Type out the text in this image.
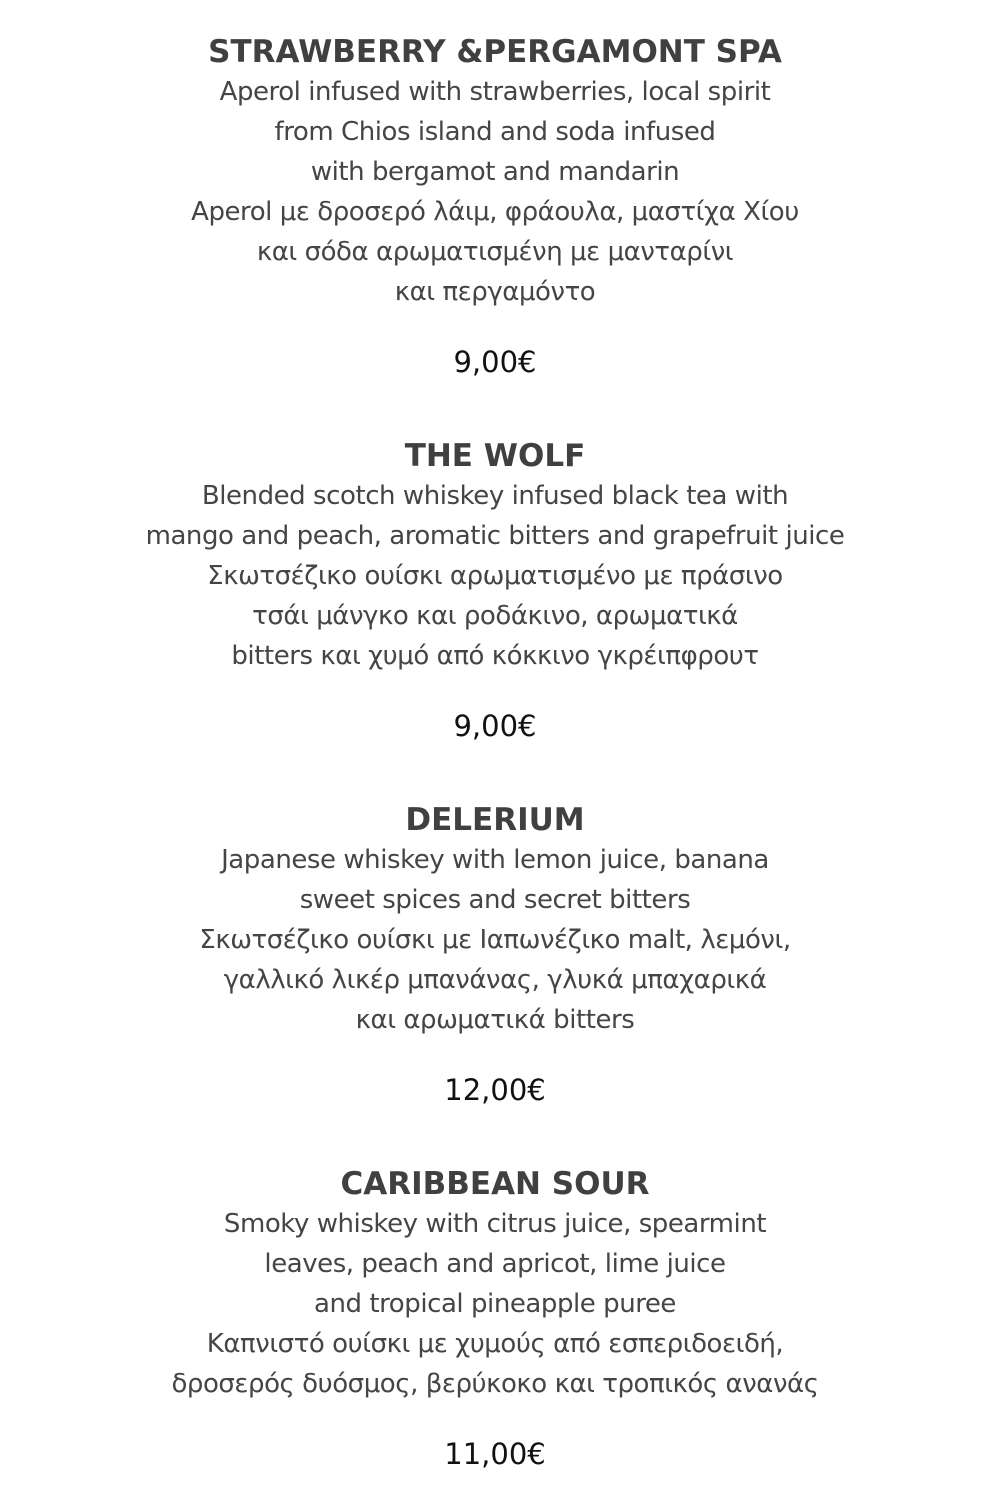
STRAWBERRY &PERGAMONT SPA
Aperol infused with strawberries, local spirit
from Chios island and soda infused
with bergamot and mandarin
Aperol με δροσερό λάιμ, φράουλα, μαστίχα Χίου
και σόδα αρωματισμένη με μανταρίνι
και περγαμόντο
9,00€
THE WOLF
Blended scotch whiskey infused black tea with
mango and peach, aromatic bitters and grapefruit juice
Σκωτσέζικο ουίσκι αρωματισμένο με πράσινο
τσάι μάνγκο και ροδάκινο, αρωματικά
bitters και χυμό από κόκκινο γκρέιπφρουτ
9,00€
DELERIUM
Japanese whiskey with lemon juice, banana
sweet spices and secret bitters
Σκωτσέζικο ουίσκι με Ιαπωνέζικο malt, λεμόνι,
γαλλικό λικέρ μπανάνας, γλυκά μπαχαρικά
και αρωματικά bitters
12,00€
CARIBBEAN SOUR
Smoky whiskey with citrus juice, spearmint
leaves, peach and apricot, lime juice
and tropical pineapple puree
Καπνιστό ουίσκι με χυμούς από εσπεριδοειδή,
δροσερός δυόσμος, βερύκοκο και τροπικός ανανάς
11,00€
